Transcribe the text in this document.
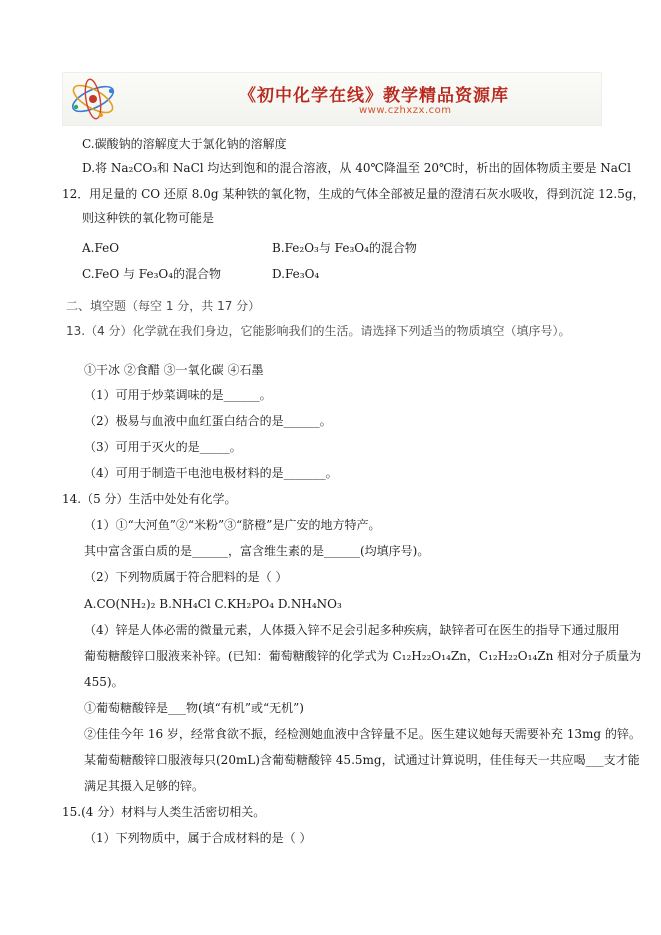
《初中化学在线》教学精品资源库
www.czhxzx.com
C.碳酸钠的溶解度大于氯化钠的溶解度
D.将 Na₂CO₃和 NaCl 均达到饱和的混合溶液，从 40℃降温至 20℃时，析出的固体物质主要是 NaCl
12．用足量的 CO 还原 8.0g 某种铁的氧化物，生成的气体全部被足量的澄清石灰水吸收，得到沉淀 12.5g，
则这种铁的氧化物可能是
A.FeO	B.Fe₂O₃与 Fe₃O₄的混合物
C.FeO 与 Fe₃O₄的混合物	D.Fe₃O₄
二、填空题（每空 1 分，共 17 分）
13.（4 分）化学就在我们身边，它能影响我们的生活。请选择下列适当的物质填空（填序号）。
①干冰 ②食醋 ③一氧化碳 ④石墨
（1）可用于炒菜调味的是______。
（2）极易与血液中血红蛋白结合的是______。
（3）可用于灭火的是_____。
（4）可用于制造干电池电极材料的是_______。
14.（5 分）生活中处处有化学。
（1）①“大河鱼”②“米粉”③“脐橙”是广安的地方特产。
其中富含蛋白质的是______，富含维生素的是______(均填序号)。
（2）下列物质属于符合肥料的是（ ）
A.CO(NH₂)₂ B.NH₄Cl C.KH₂PO₄ D.NH₄NO₃
（4）锌是人体必需的微量元素，人体摄入锌不足会引起多种疾病，缺锌者可在医生的指导下通过服用
葡萄糖酸锌口服液来补锌。(已知：葡萄糖酸锌的化学式为 C₁₂H₂₂O₁₄Zn，C₁₂H₂₂O₁₄Zn 相对分子质量为
455)。
①葡萄糖酸锌是___物(填“有机”或“无机”)
②佳佳今年 16 岁，经常食欲不振，经检测她血液中含锌量不足。医生建议她每天需要补充 13mg 的锌。
某葡萄糖酸锌口服液每只(20mL)含葡萄糖酸锌 45.5mg，试通过计算说明，佳佳每天一共应喝___支才能
满足其摄入足够的锌。
15.(4 分）材料与人类生活密切相关。
（1）下列物质中，属于合成材料的是（ ）
